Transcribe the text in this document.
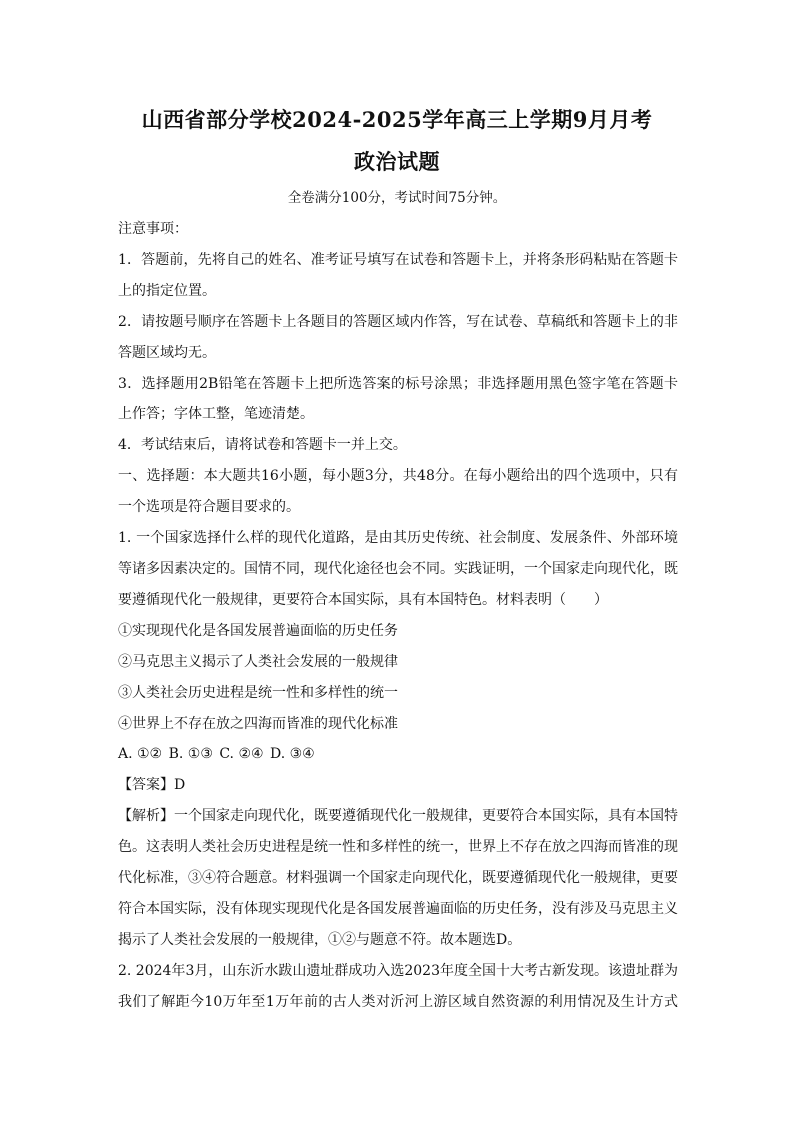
山西省部分学校2024-2025学年高三上学期9月月考
政治试题
全卷满分100分，考试时间75分钟。

注意事项：

1．答题前，先将自己的姓名、准考证号填写在试卷和答题卡上，并将条形码粘贴在答题卡

上的指定位置。

2．请按题号顺序在答题卡上各题目的答题区域内作答，写在试卷、草稿纸和答题卡上的非

答题区域均无。

3．选择题用2B铅笔在答题卡上把所选答案的标号涂黑；非选择题用黑色签字笔在答题卡

上作答；字体工整，笔迹清楚。

4．考试结束后，请将试卷和答题卡一并上交。

一、选择题：本大题共16小题，每小题3分，共48分。在每小题给出的四个选项中，只有

一个选项是符合题目要求的。

1. 一个国家选择什么样的现代化道路，是由其历史传统、社会制度、发展条件、外部环境

等诸多因素决定的。国情不同，现代化途径也会不同。实践证明，一个国家走向现代化，既

要遵循现代化一般规律，更要符合本国实际，具有本国特色。材料表明（　　）

①实现现代化是各国发展普遍面临的历史任务

②马克思主义揭示了人类社会发展的一般规律

③人类社会历史进程是统一性和多样性的统一

④世界上不存在放之四海而皆准的现代化标准

A. ①② B. ①③ C. ②④ D. ③④

【答案】D

【解析】一个国家走向现代化，既要遵循现代化一般规律，更要符合本国实际，具有本国特

色。这表明人类社会历史进程是统一性和多样性的统一，世界上不存在放之四海而皆准的现

代化标准，③④符合题意。材料强调一个国家走向现代化，既要遵循现代化一般规律，更要

符合本国实际，没有体现实现现代化是各国发展普遍面临的历史任务，没有涉及马克思主义

揭示了人类社会发展的一般规律，①②与题意不符。故本题选D。

2. 2024年3月，山东沂水跋山遗址群成功入选2023年度全国十大考古新发现。该遗址群为

我们了解距今10万年至1万年前的古人类对沂河上游区域自然资源的利用情况及生计方式
